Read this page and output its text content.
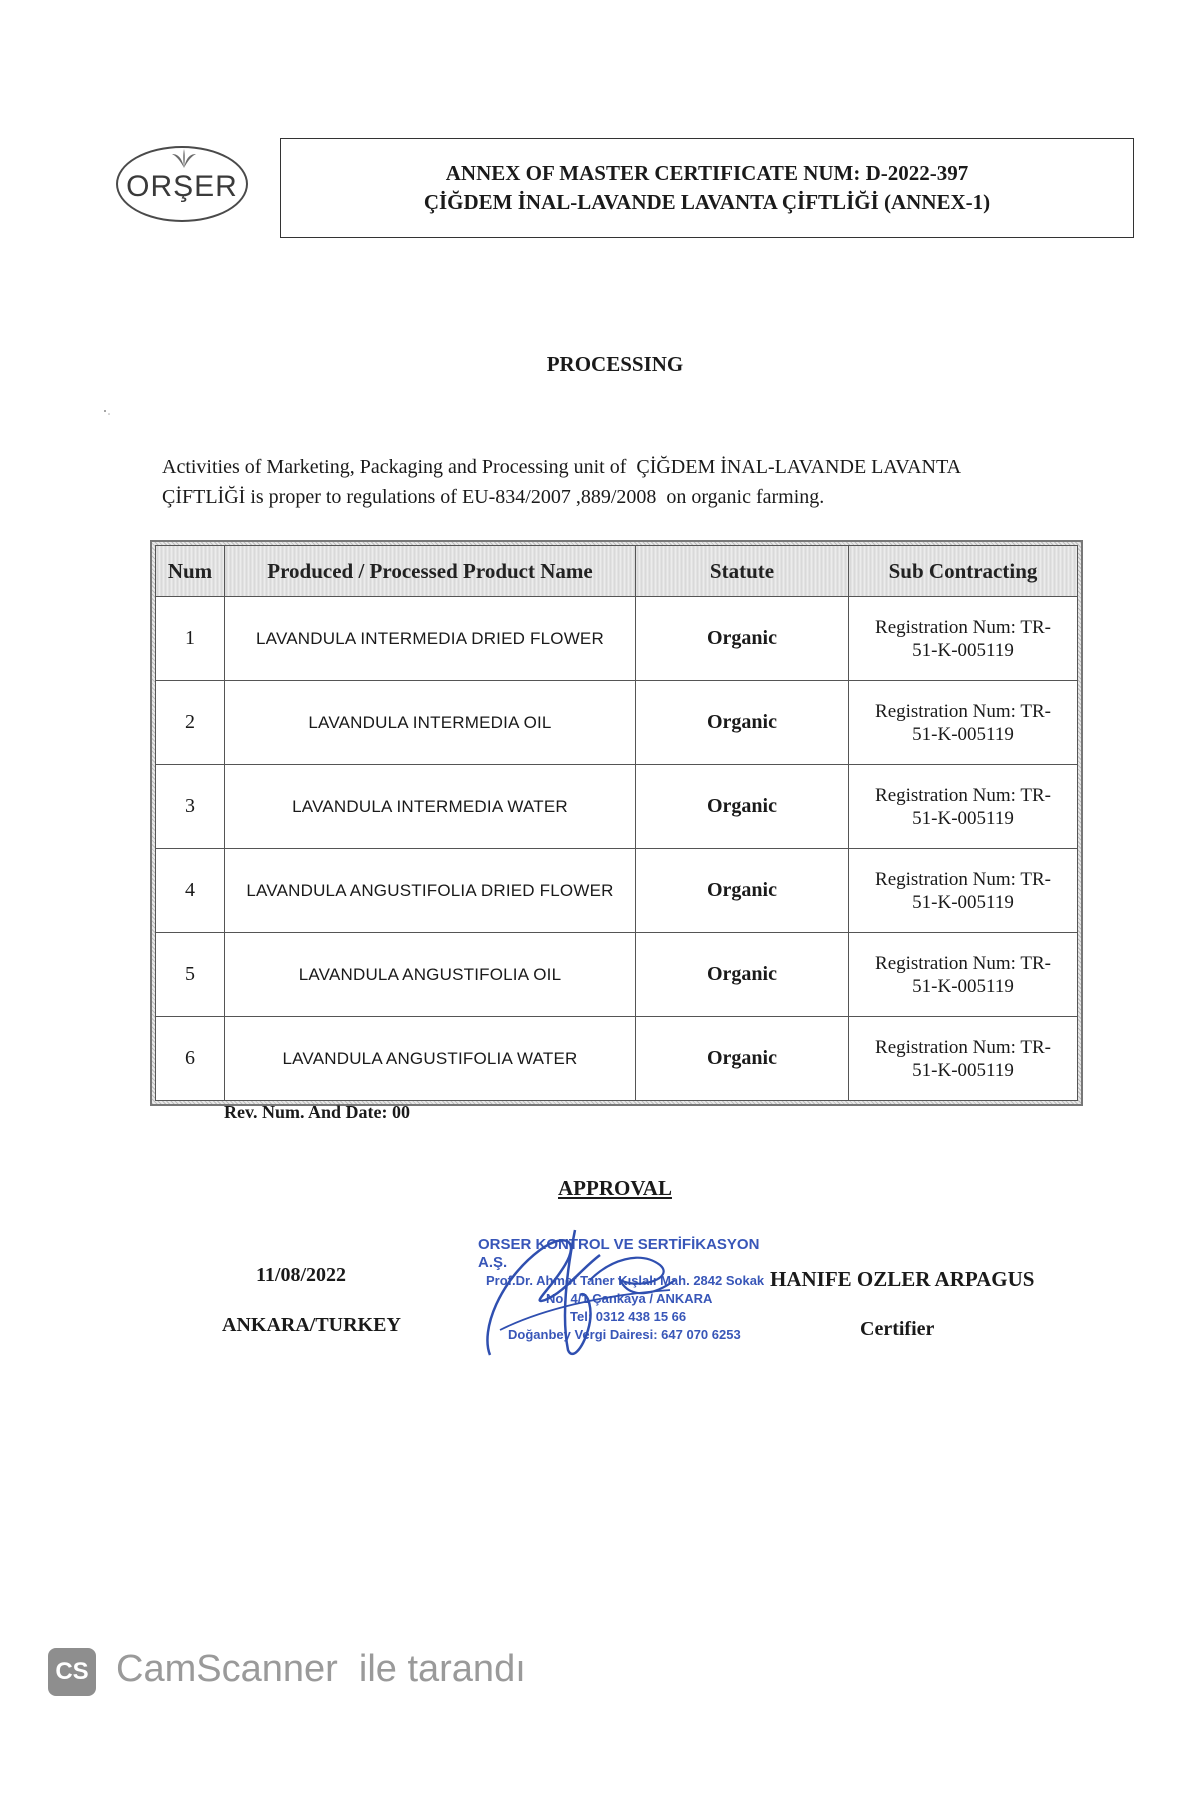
ORŞER	ANNEX OF MASTER CERTIFICATE NUM: D-2022-397
ÇİĞDEM İNAL-LAVANDE LAVANTA ÇİFTLİĞİ (ANNEX-1)
PROCESSING
Activities of Marketing, Packaging and Processing unit of  ÇİĞDEM İNAL-LAVANDE LAVANTA
ÇİFTLİĞİ is proper to regulations of EU-834/2007 ,889/2008  on organic farming.
Num	Produced / Processed Product Name	Statute	Sub Contracting
1	LAVANDULA INTERMEDIA DRIED FLOWER	Organic	Registration Num: TR-
51-K-005119

2	LAVANDULA INTERMEDIA OIL	Organic	Registration Num: TR-
51-K-005119

3	LAVANDULA INTERMEDIA WATER	Organic	Registration Num: TR-
51-K-005119

4	LAVANDULA ANGUSTIFOLIA DRIED FLOWER	Organic	Registration Num: TR-
51-K-005119

5	LAVANDULA ANGUSTIFOLIA OIL	Organic	Registration Num: TR-
51-K-005119

6	LAVANDULA ANGUSTIFOLIA WATER	Organic	Registration Num: TR-
51-K-005119
Rev. Num. And Date: 00
APPROVAL
11/08/2022
ANKARA/TURKEY
HANIFE OZLER ARPAGUS
Certifier
ORSER KONTROL VE SERTİFİKASYON A.Ş.
Prof.Dr. Ahmet Taner Kışlalı Mah. 2842 Sokak
No. 4/1 Çankaya / ANKARA
Tel: 0312 438 15 66
Doğanbey Vergi Dairesi: 647 070 6253
CS CamScanner  ile tarandı
